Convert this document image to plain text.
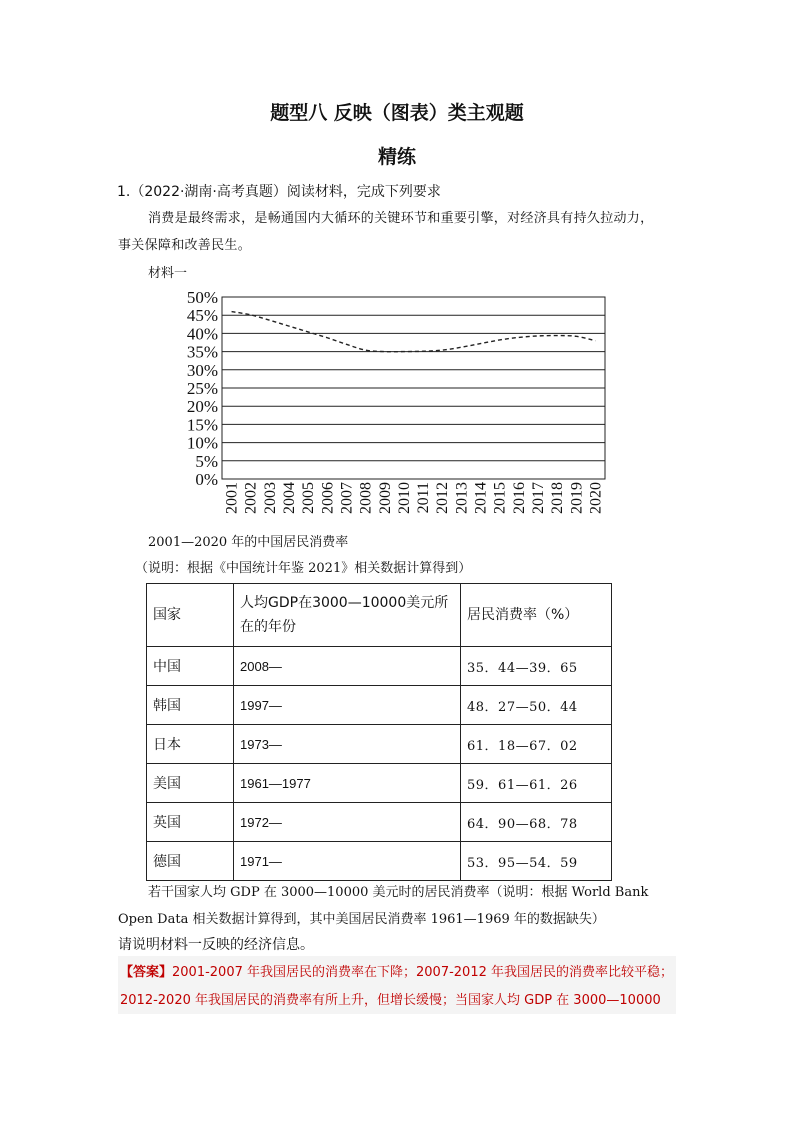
题型八 反映（图表）类主观题
精练
1.（2022·湖南·高考真题）阅读材料，完成下列要求
消费是最终需求，是畅通国内大循环的关键环节和重要引擎，对经济具有持久拉动力，
事关保障和改善民生。
材料一
0%
5%
10%
15%
20%
25%
30%
35%
40%
45%
50%
2001 2002 2003 2004 2005 2006 2007 2008 2009 2010 2011 2012 2013 2014 2015 2016 2017 2018 2019 2020
2001—2020 年的中国居民消费率
（说明：根据《中国统计年鉴 2021》相关数据计算得到）
国家	人均GDP在3000—10000美元所在的年份	居民消费率（%）
中国	2008—	35．44—39．65
韩国	1997—	48．27—50．44
日本	1973—	61．18—67．02
美国	1961—1977	59．61—61．26
英国	1972—	64．90—68．78
德国	1971—	53．95—54．59
若干国家人均 GDP 在 3000—10000 美元时的居民消费率（说明：根据 World Bank
Open Data 相关数据计算得到，其中美国居民消费率 1961—1969 年的数据缺失）
请说明材料一反映的经济信息。
【答案】2001-2007 年我国居民的消费率在下降；2007-2012 年我国居民的消费率比较平稳；
2012-2020 年我国居民的消费率有所上升，但增长缓慢；当国家人均 GDP 在 3000—10000
